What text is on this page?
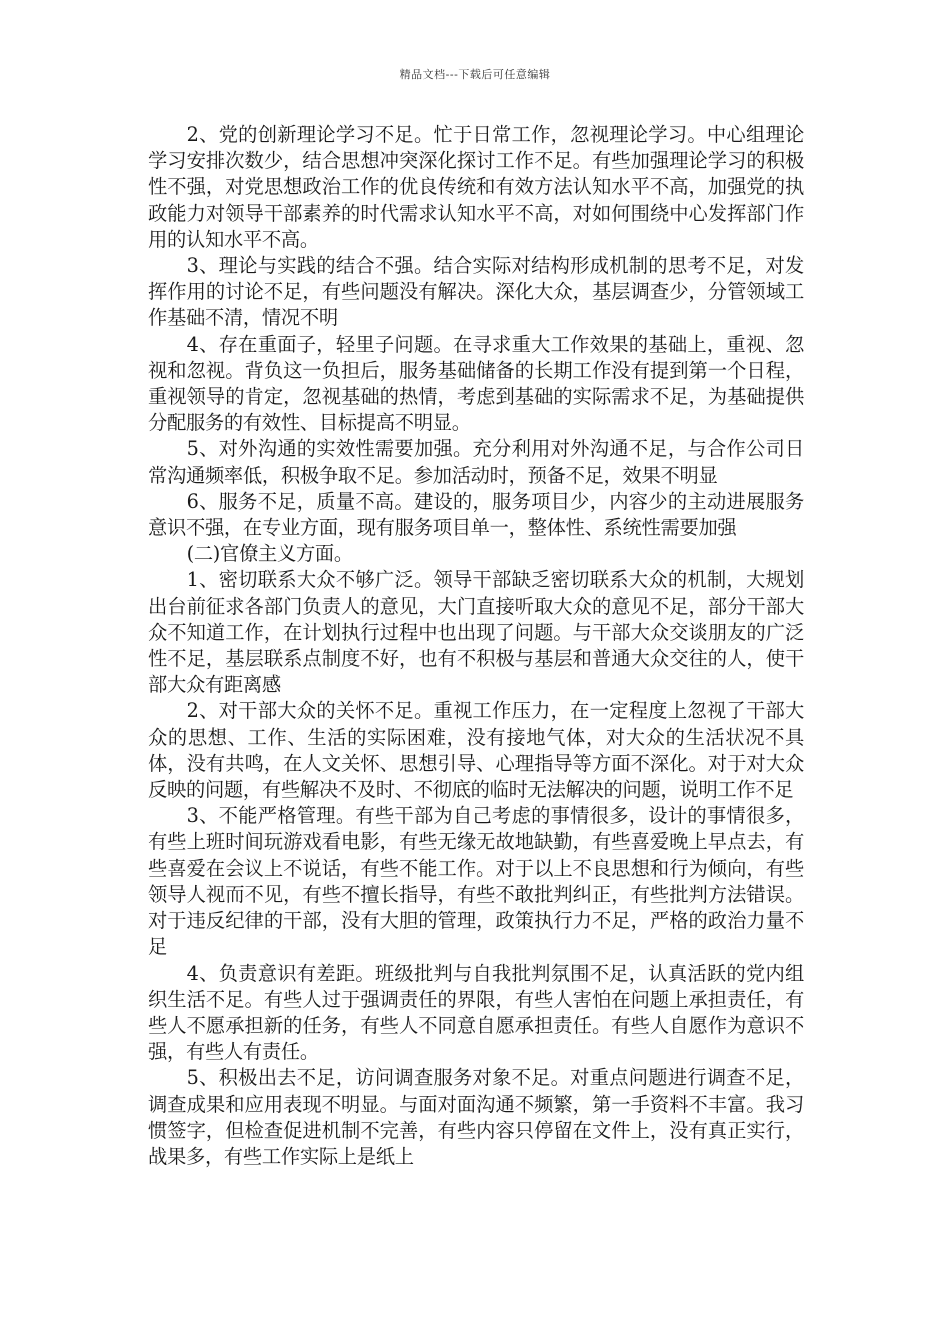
精品文档---下载后可任意编辑

2、党的创新理论学习不足。忙于日常工作，忽视理论学习。中心组理论学习安排次数少，结合思想冲突深化探讨工作不足。有些加强理论学习的积极性不强，对党思想政治工作的优良传统和有效方法认知水平不高，加强党的执政能力对领导干部素养的时代需求认知水平不高，对如何围绕中心发挥部门作用的认知水平不高。

3、理论与实践的结合不强。结合实际对结构形成机制的思考不足，对发挥作用的讨论不足，有些问题没有解决。深化大众，基层调查少，分管领域工作基础不清，情况不明

4、存在重面子，轻里子问题。在寻求重大工作效果的基础上，重视、忽视和忽视。背负这一负担后，服务基础储备的长期工作没有提到第一个日程，重视领导的肯定，忽视基础的热情，考虑到基础的实际需求不足，为基础提供分配服务的有效性、目标提高不明显。

5、对外沟通的实效性需要加强。充分利用对外沟通不足，与合作公司日常沟通频率低，积极争取不足。参加活动时，预备不足，效果不明显

6、服务不足，质量不高。建设的，服务项目少，内容少的主动进展服务意识不强，在专业方面，现有服务项目单一，整体性、系统性需要加强

(二)官僚主义方面。

1、密切联系大众不够广泛。领导干部缺乏密切联系大众的机制，大规划出台前征求各部门负责人的意见，大门直接听取大众的意见不足，部分干部大众不知道工作，在计划执行过程中也出现了问题。与干部大众交谈朋友的广泛性不足，基层联系点制度不好，也有不积极与基层和普通大众交往的人，使干部大众有距离感

2、对干部大众的关怀不足。重视工作压力，在一定程度上忽视了干部大众的思想、工作、生活的实际困难，没有接地气体，对大众的生活状况不具体，没有共鸣，在人文关怀、思想引导、心理指导等方面不深化。对于对大众反映的问题，有些解决不及时、不彻底的临时无法解决的问题，说明工作不足

3、不能严格管理。有些干部为自己考虑的事情很多，设计的事情很多，有些上班时间玩游戏看电影，有些无缘无故地缺勤，有些喜爱晚上早点去，有些喜爱在会议上不说话，有些不能工作。对于以上不良思想和行为倾向，有些领导人视而不见，有些不擅长指导，有些不敢批判纠正，有些批判方法错误。对于违反纪律的干部，没有大胆的管理，政策执行力不足，严格的政治力量不足

4、负责意识有差距。班级批判与自我批判氛围不足，认真活跃的党内组织生活不足。有些人过于强调责任的界限，有些人害怕在问题上承担责任，有些人不愿承担新的任务，有些人不同意自愿承担责任。有些人自愿作为意识不强，有些人有责任。

5、积极出去不足，访问调查服务对象不足。对重点问题进行调查不足，调查成果和应用表现不明显。与面对面沟通不频繁，第一手资料不丰富。我习惯签字，但检查促进机制不完善，有些内容只停留在文件上，没有真正实行，战果多，有些工作实际上是纸上
